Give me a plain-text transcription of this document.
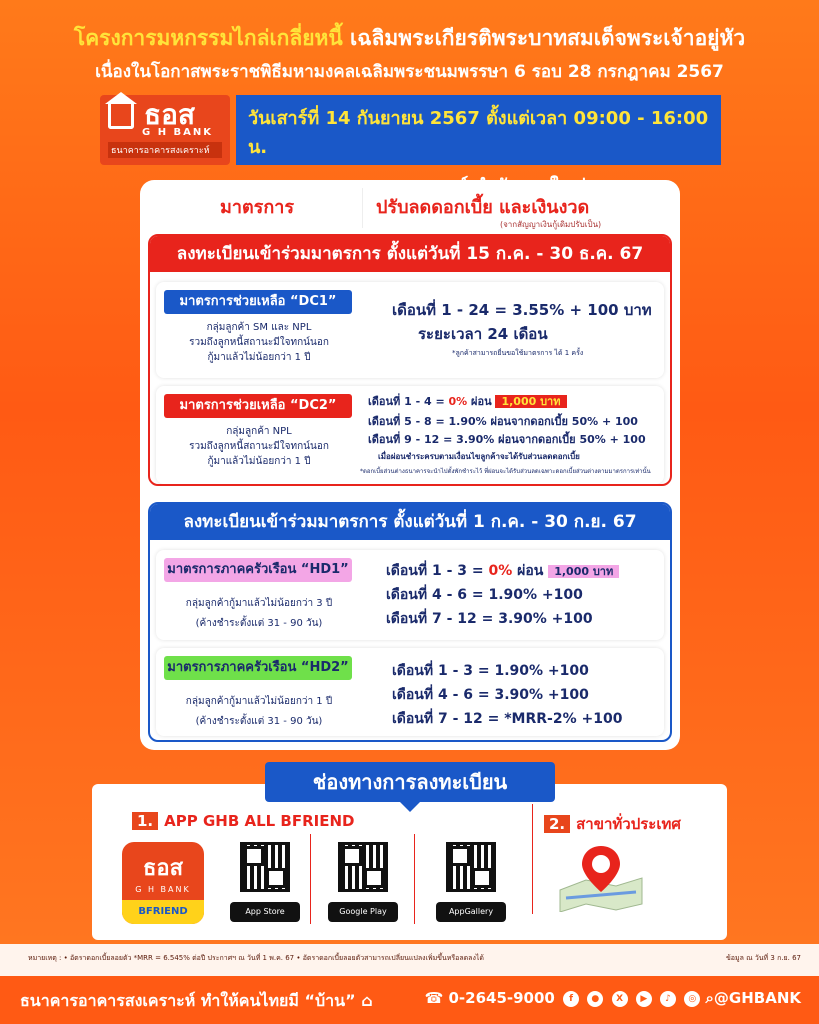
โครงการมหกรรมไกล่เกลี่ยหนี้ เฉลิมพระเกียรติพระบาทสมเด็จพระเจ้าอยู่หัว
เนื่องในโอกาสพระราชพิธีมหามงคลเฉลิมพระชนมพรรษา 6 รอบ 28 กรกฎาคม 2567
ธอส
G H BANK
ธนาคารอาคารสงเคราะห์
วันเสาร์ที่ 14 กันยายน 2567 ตั้งแต่เวลา 09:00 - 16:00 น.
มาตรการ	ปรับลดดอกเบี้ย และเงินงวด
(จากสัญญาเงินกู้เดิมปรับเป็น)
ลงทะเบียนเข้าร่วมมาตรการ ตั้งแต่วันที่ 15 ก.ค. - 30 ธ.ค. 67
มาตรการช่วยเหลือ “DC1”
กลุ่มลูกค้า SM และ NPL
รวมถึงลูกหนี้สถานะมีใจทกน์นอก
กู้มาแล้วไม่น้อยกว่า 1 ปี
เดือนที่ 1 - 24 = 3.55% + 100 บาท
ระยะเวลา 24 เดือน
*ลูกค้าสามารถยื่นขอใช้มาตรการ ได้ 1 ครั้ง
มาตรการช่วยเหลือ “DC2”
กลุ่มลูกค้า NPL
รวมถึงลูกหนี้สถานะมีใจทกน์นอก
กู้มาแล้วไม่น้อยกว่า 1 ปี
เดือนที่ 1 - 4 = 0% ผ่อน 1,000 บาท
เดือนที่ 5 - 8 = 1.90% ผ่อนจากดอกเบี้ย 50% + 100
เดือนที่ 9 - 12 = 3.90% ผ่อนจากดอกเบี้ย 50% + 100
เมื่อผ่อนชำระครบตามเงื่อนไขลูกค้าจะได้รับส่วนลดดอกเบี้ย
*ดอกเบี้ยส่วนต่างธนาคารจะนำไปตั้งพักชำระไว้ ที่ผ่อนจะได้รับส่วนลดเฉพาะดอกเบี้ยส่วนต่างตามมาตรการเท่านั้น
ลงทะเบียนเข้าร่วมมาตรการ ตั้งแต่วันที่ 1 ก.ค. - 30 ก.ย. 67
มาตรการภาคครัวเรือน “HD1”
กลุ่มลูกค้ากู้มาแล้วไม่น้อยกว่า 3 ปี
(ค้างชำระตั้งแต่ 31 - 90 วัน)
เดือนที่ 1 - 3 = 0% ผ่อน 1,000 บาท
เดือนที่ 4 - 6 = 1.90% +100
เดือนที่ 7 - 12 = 3.90% +100
มาตรการภาคครัวเรือน “HD2”
กลุ่มลูกค้ากู้มาแล้วไม่น้อยกว่า 1 ปี
(ค้างชำระตั้งแต่ 31 - 90 วัน)
เดือนที่ 1 - 3 = 1.90% +100
เดือนที่ 4 - 6 = 3.90% +100
เดือนที่ 7 - 12 = *MRR-2% +100
1. APP GHB ALL BFRIEND	2. สาขาทั่วประเทศ
ธอส
G H BANK
BFRIEND	App Store	Google Play	AppGallery
ช่องทางการลงทะเบียน
หมายเหตุ : • อัตราดอกเบี้ยลอยตัว *MRR = 6.545% ต่อปี ประกาศฯ ณ วันที่ 1 พ.ค. 67 • อัตราดอกเบี้ยลอยตัวสามารถเปลี่ยนแปลงเพิ่มขึ้นหรือลดลงได้	ข้อมูล ณ วันที่ 3 ก.ย. 67
ธนาคารอาคารสงเคราะห์ ทำให้คนไทยมี “บ้าน” ⌂	☎ 0-2645-9000 f ● X ▶ ♪ ◎ ⌕@GHBANK
